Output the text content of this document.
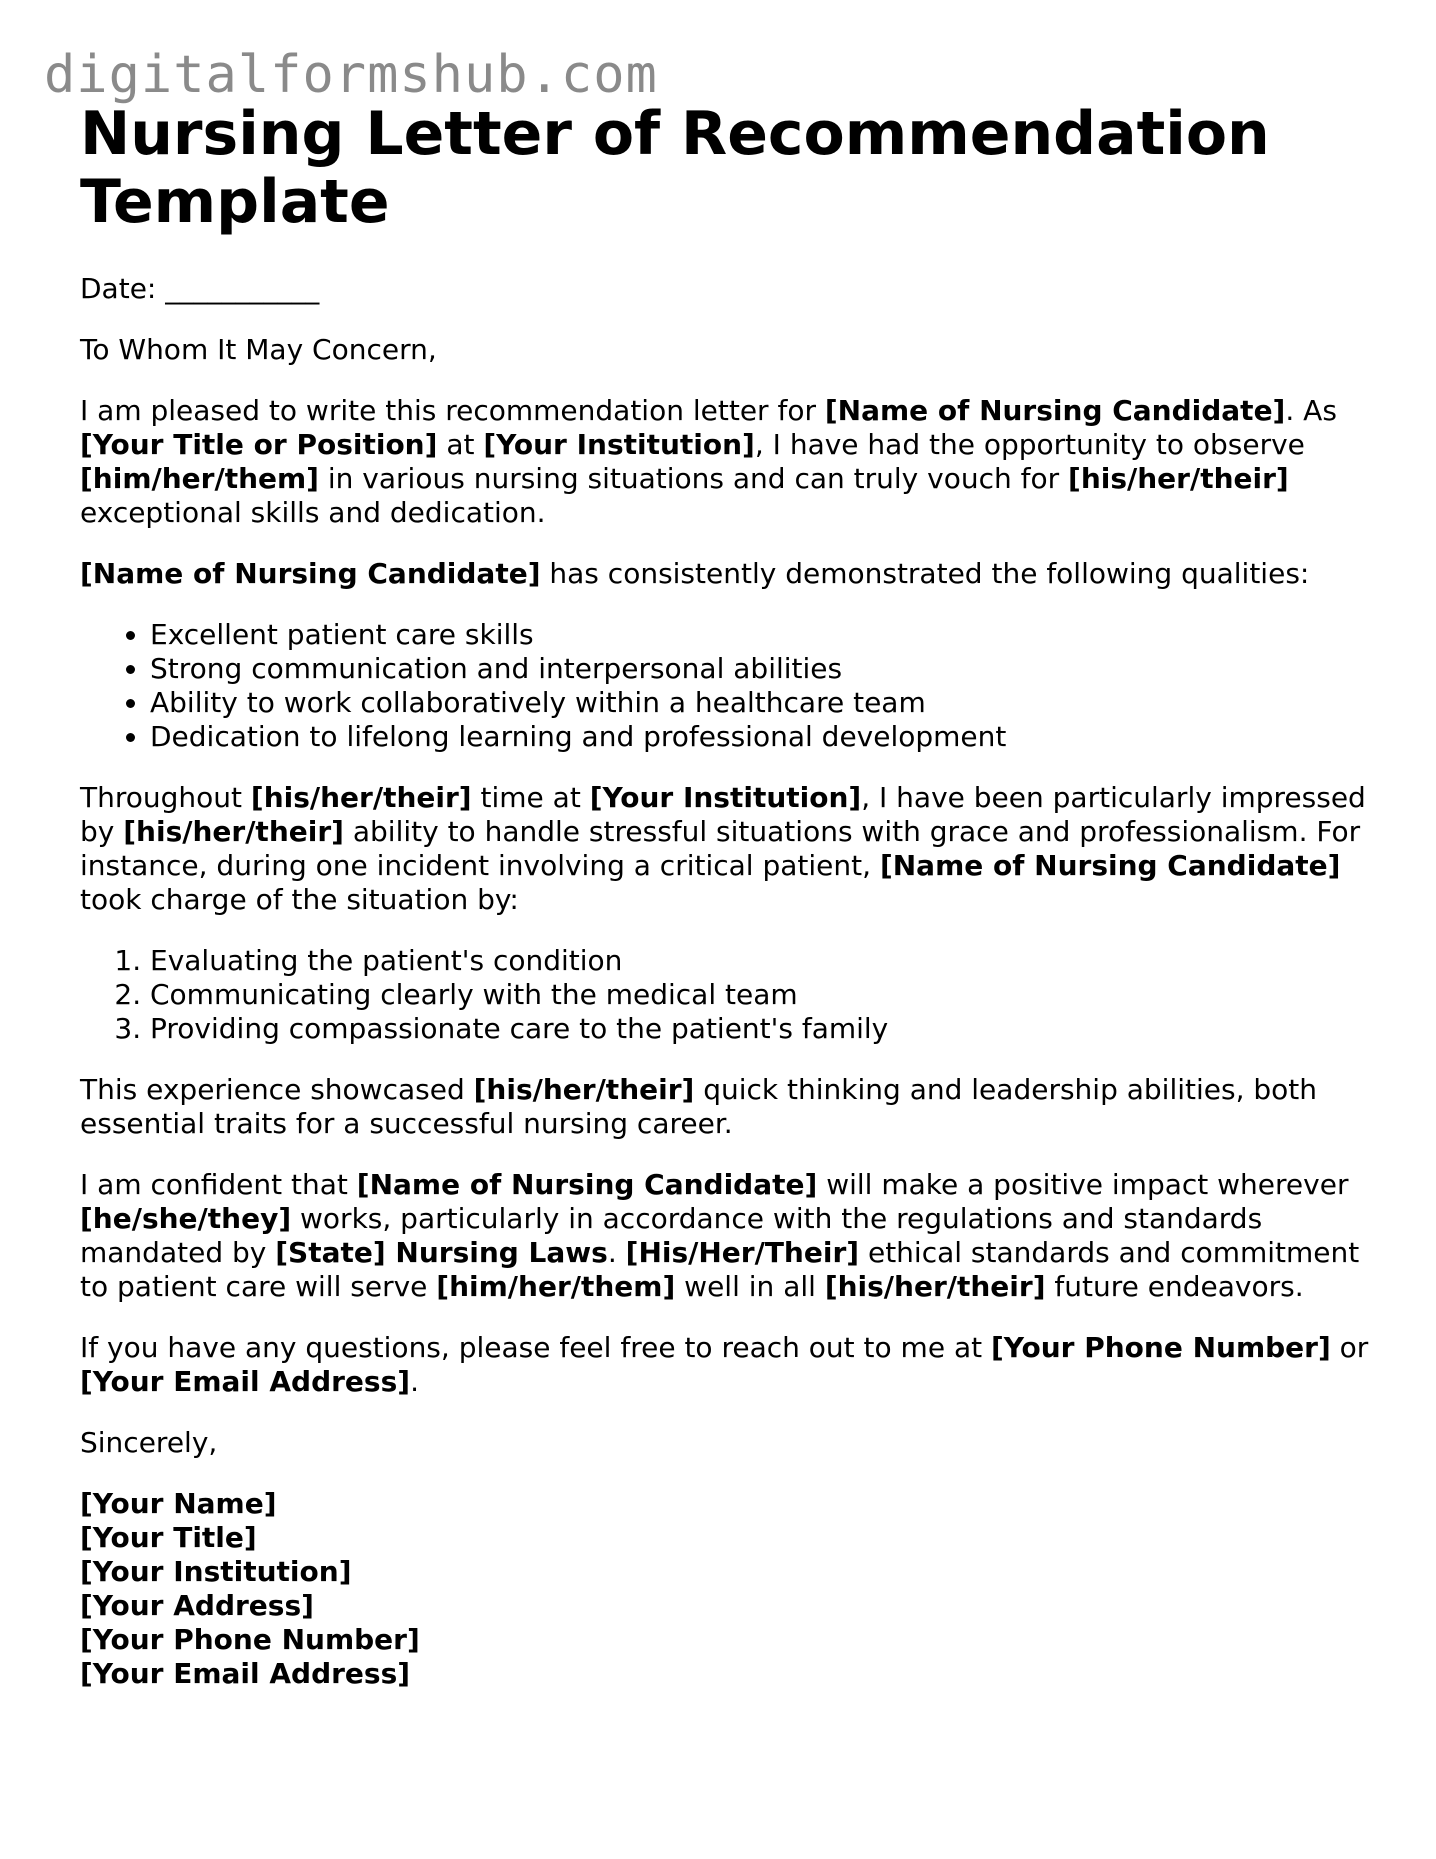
digitalformshub.com
Nursing Letter of Recommendation Template

Date: ___________

To Whom It May Concern,

I am pleased to write this recommendation letter for [Name of Nursing Candidate]. As [Your Title or Position] at [Your Institution], I have had the opportunity to observe [him/her/them] in various nursing situations and can truly vouch for [his/her/their] exceptional skills and dedication.

[Name of Nursing Candidate] has consistently demonstrated the following qualities:

• Excellent patient care skills
• Strong communication and interpersonal abilities
• Ability to work collaboratively within a healthcare team
• Dedication to lifelong learning and professional development

Throughout [his/her/their] time at [Your Institution], I have been particularly impressed by [his/her/their] ability to handle stressful situations with grace and professionalism. For instance, during one incident involving a critical patient, [Name of Nursing Candidate] took charge of the situation by:

1. Evaluating the patient's condition
2. Communicating clearly with the medical team
3. Providing compassionate care to the patient's family

This experience showcased [his/her/their] quick thinking and leadership abilities, both essential traits for a successful nursing career.

I am confident that [Name of Nursing Candidate] will make a positive impact wherever [he/she/they] works, particularly in accordance with the regulations and standards mandated by [State] Nursing Laws. [His/Her/Their] ethical standards and commitment to patient care will serve [him/her/them] well in all [his/her/their] future endeavors.

If you have any questions, please feel free to reach out to me at [Your Phone Number] or [Your Email Address].

Sincerely,

[Your Name]
[Your Title]
[Your Institution]
[Your Address]
[Your Phone Number]
[Your Email Address]
